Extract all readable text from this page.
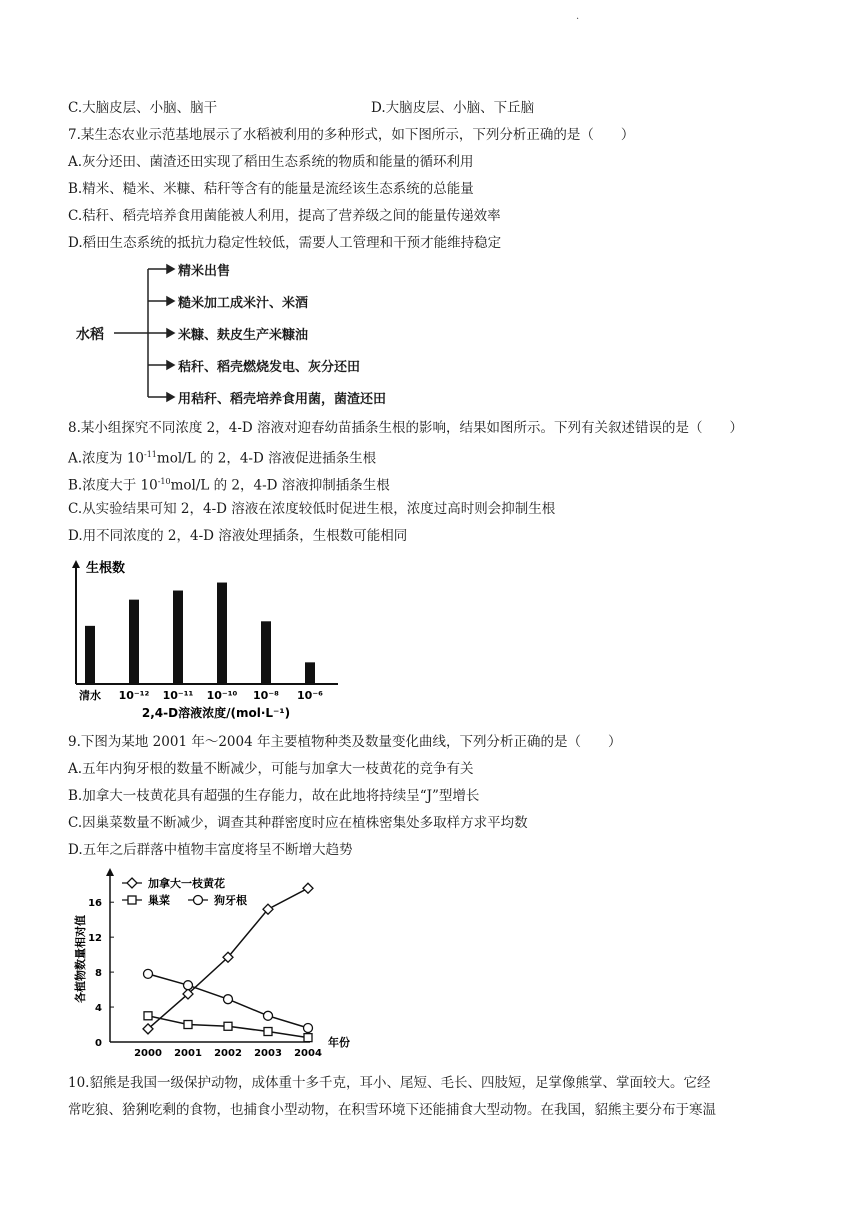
·
C.大脑皮层、小脑、脑干	D.大脑皮层、小脑、下丘脑
7.某生态农业示范基地展示了水稻被利用的多种形式，如下图所示，下列分析正确的是（　　）
A.灰分还田、菌渣还田实现了稻田生态系统的物质和能量的循环利用
B.精米、糙米、米糠、秸秆等含有的能量是流经该生态系统的总能量
C.秸秆、稻壳培养食用菌能被人利用，提高了营养级之间的能量传递效率
D.稻田生态系统的抵抗力稳定性较低，需要人工管理和干预才能维持稳定
水稻
精米出售
糙米加工成米汁、米酒
米糠、麸皮生产米糠油
秸秆、稻壳燃烧发电、灰分还田
用秸秆、稻壳培养食用菌，菌渣还田
8.某小组探究不同浓度 2，4-D 溶液对迎春幼苗插条生根的影响，结果如图所示。下列有关叙述错误的是（　　）
A.浓度为 $10^{-11}mol/L$ 的 2，4-D 溶液促进插条生根
B.浓度大于 $10^{-10}mol/L$ 的 2，4-D 溶液抑制插条生根
C.从实验结果可知 2，4-D 溶液在浓度较低时促进生根，浓度过高时则会抑制生根
D.用不同浓度的 2，4-D 溶液处理插条，生根数可能相同
生根数
清水 10⁻¹² 10⁻¹¹ 10⁻¹⁰ 10⁻⁸ 10⁻⁶
2,4-D溶液浓度/(mol·L⁻¹)
9.下图为某地 2001 年～2004 年主要植物种类及数量变化曲线，下列分析正确的是（　　）
A.五年内狗牙根的数量不断减少，可能与加拿大一枝黄花的竞争有关
B.加拿大一枝黄花具有超强的生存能力，故在此地将持续呈“J”型增长
C.因巢菜数量不断减少，调查其种群密度时应在植株密集处多取样方求平均数
D.五年之后群落中植物丰富度将呈不断增大趋势
0
4
8
12
16
2000 2001 2002 2003 2004
年份
各植物数量相对值
加拿大一枝黄花
巢菜	狗牙根
10.貂熊是我国一级保护动物，成体重十多千克，耳小、尾短、毛长、四肢短，足掌像熊掌、掌面较大。它经
常吃狼、猞猁吃剩的食物，也捕食小型动物，在积雪环境下还能捕食大型动物。在我国，貂熊主要分布于寒温
